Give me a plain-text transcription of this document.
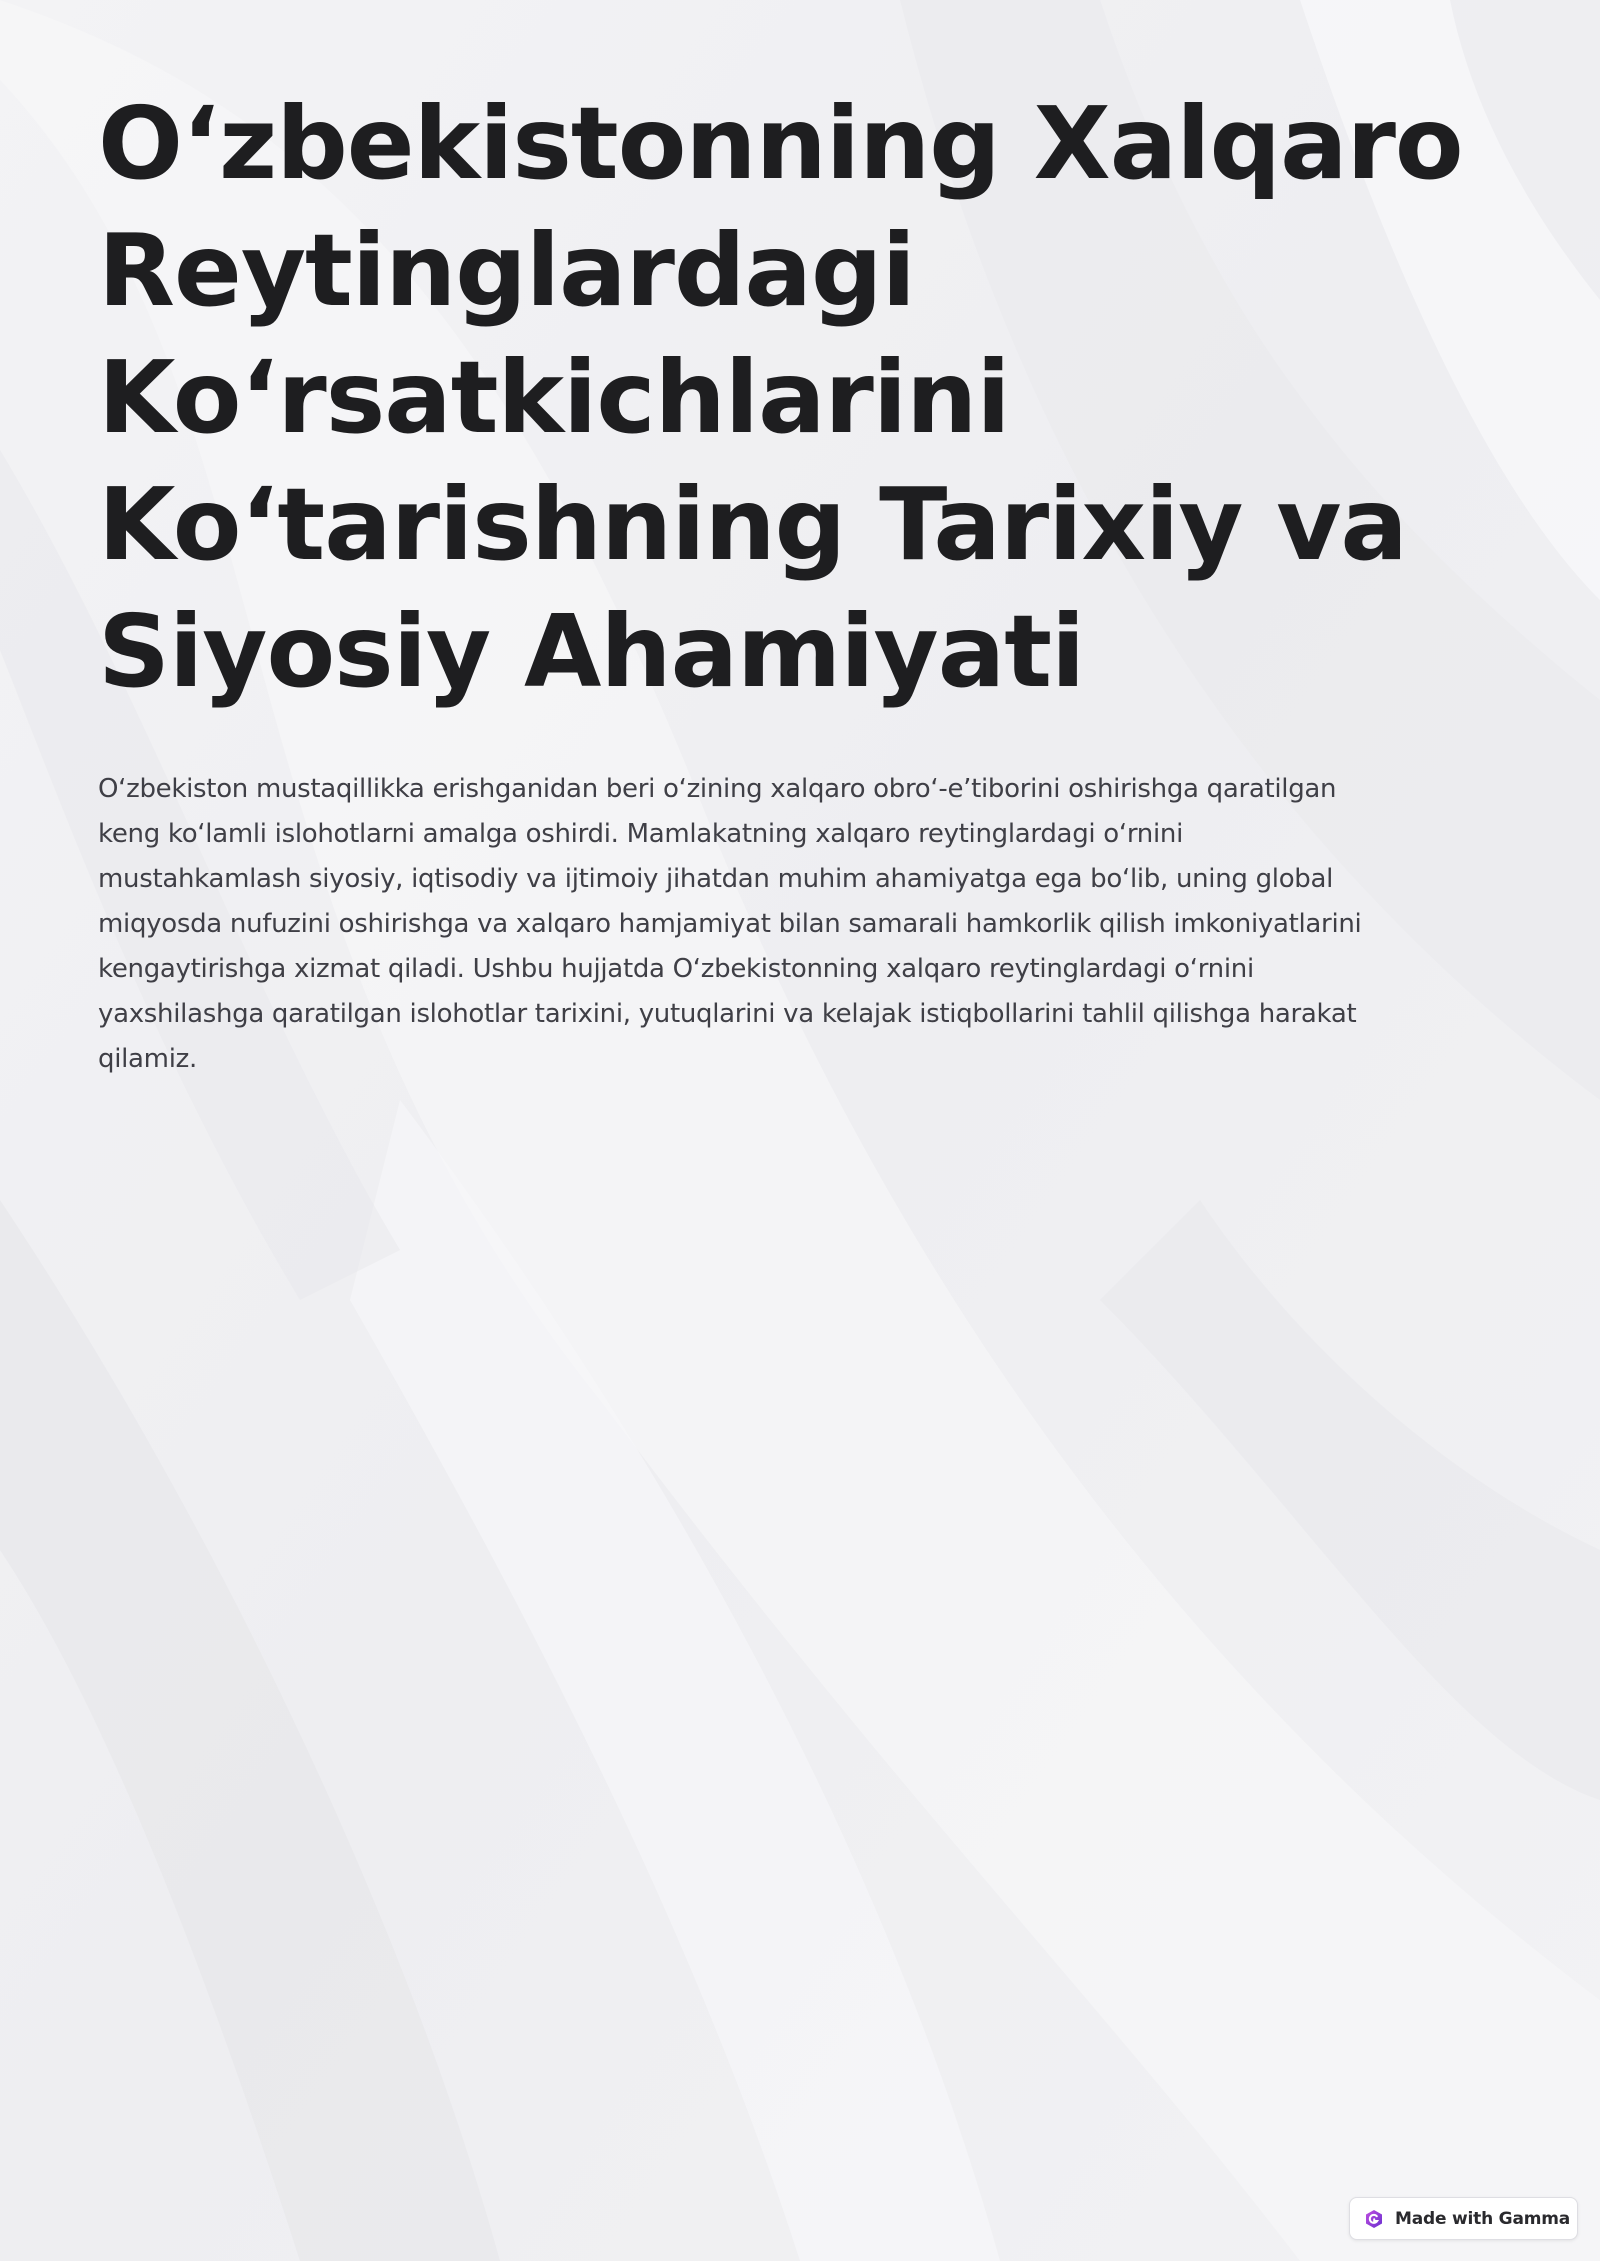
O‘zbekistonning Xalqaro
Reytinglardagi
Ko‘rsatkichlarini
Ko‘tarishning Tarixiy va
Siyosiy Ahamiyati

O‘zbekiston mustaqillikka erishganidan beri o‘zining xalqaro obro‘-e’tiborini oshirishga qaratilgan
keng ko‘lamli islohotlarni amalga oshirdi. Mamlakatning xalqaro reytinglardagi o‘rnini
mustahkamlash siyosiy, iqtisodiy va ijtimoiy jihatdan muhim ahamiyatga ega bo‘lib, uning global
miqyosda nufuzini oshirishga va xalqaro hamjamiyat bilan samarali hamkorlik qilish imkoniyatlarini
kengaytirishga xizmat qiladi. Ushbu hujjatda O‘zbekistonning xalqaro reytinglardagi o‘rnini
yaxshilashga qaratilgan islohotlar tarixini, yutuqlarini va kelajak istiqbollarini tahlil qilishga harakat
qilamiz.

Made with Gamma
